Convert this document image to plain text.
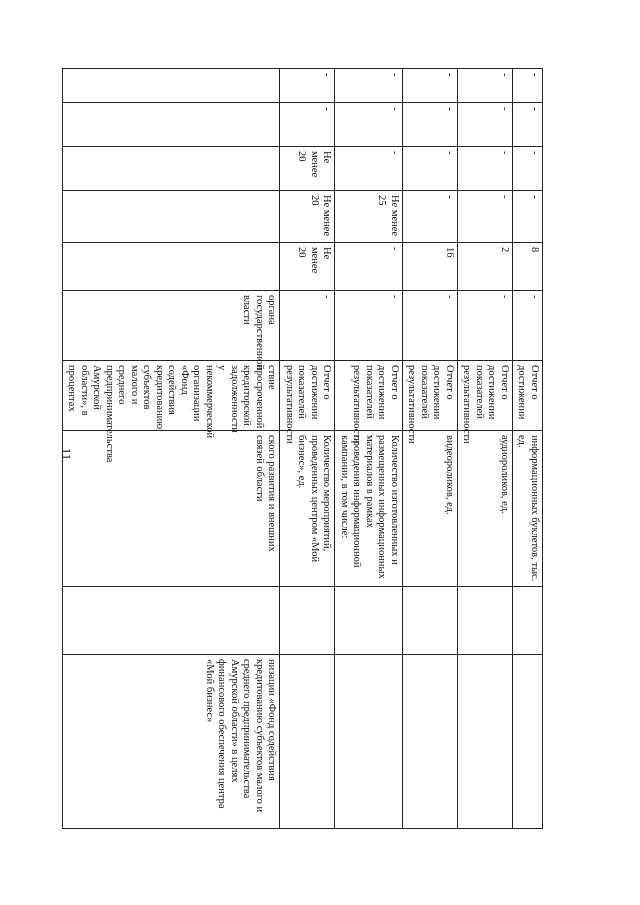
11
-	-	-	-	8	-	Отчет о достижении	информационных буклетов, тыс. ед.		
-	-	-	-	2	-	Отчет о достижении показателей результативности	аудиороликов, ед.		
-	-	-	-	16	-	Отчет о достижении показателей результативности	видеороликов, ед.		
-	-	-	Не менее 25	-	-	Отчет о достижении показателей результативности	Количество изготовленных и размещенных информационных материалов в рамках проведения информационной кампании, в том числе:		
-	-	Не менее 20	Не менее 20	Не менее 20	-	Отчет о достижении показателей результативности	Количество мероприятий, проведенных центром «Мой бизнес», ед.		
					органа государственной власти	ствие просроченной кредиторской задолженности у некоммерческой организации «Фонд содействия кредитованию субъектов малого и среднего предпринимательства Амурской области», в процентах	ского развития и внешних связей области		низации «Фонд содействия кредитованию субъектов малого и среднего предпринимательства Амурской области» в целях финансового обеспечения центра «Мой бизнес»
